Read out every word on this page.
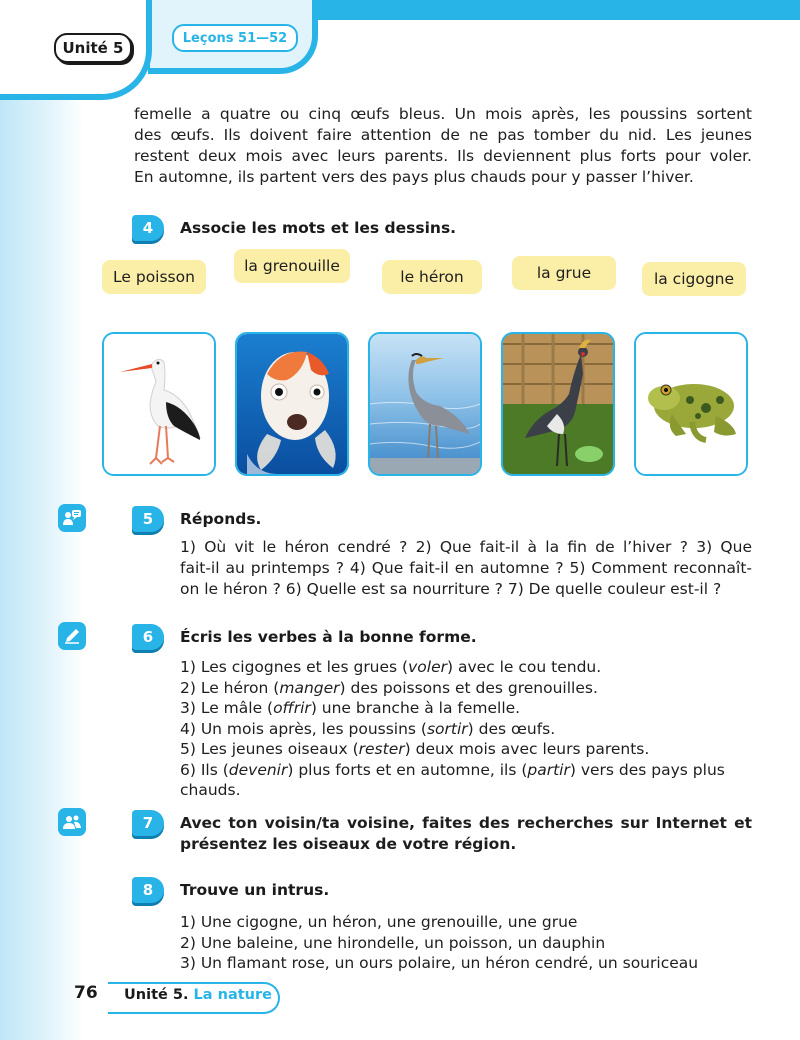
Unité 5
Leçons 51—52

femelle a quatre ou cinq œufs bleus. Un mois après, les poussins sortent
des œufs. Ils doivent faire attention de ne pas tomber du nid. Les jeunes
restent deux mois avec leurs parents. Ils deviennent plus forts pour voler.
En automne, ils partent vers des pays plus chauds pour y passer l’hiver.

4	Associe les mots et les dessins.
Le poisson
la grenouille
le héron	la grue	la cigogne
5	Réponds.

1) Où vit le héron cendré ? 2) Que fait-il à la fin de l’hiver ? 3) Que
fait-il au printemps ? 4) Que fait-il en automne ? 5) Comment reconnaît-
on le héron ? 6) Quelle est sa nourriture ? 7) De quelle couleur est-il ?

6	Écris les verbes à la bonne forme.
1) Les cigognes et les grues (voler) avec le cou tendu.
2) Le héron (manger) des poissons et des grenouilles.
3) Le mâle (offrir) une branche à la femelle.
4) Un mois après, les poussins (sortir) des œufs.
5) Les jeunes oiseaux (rester) deux mois avec leurs parents.
6) Ils (devenir) plus forts et en automne, ils (partir) vers des pays plus chauds.
7	Avec ton voisin/ta voisine, faites des recherches sur Internet et
présentez les oiseaux de votre région.

8	Trouve un intrus.
1) Une cigogne, un héron, une grenouille, une grue
2) Une baleine, une hirondelle, un poisson, un dauphin
3) Un flamant rose, un ours polaire, un héron cendré, un souriceau
76 Unité 5. La nature
